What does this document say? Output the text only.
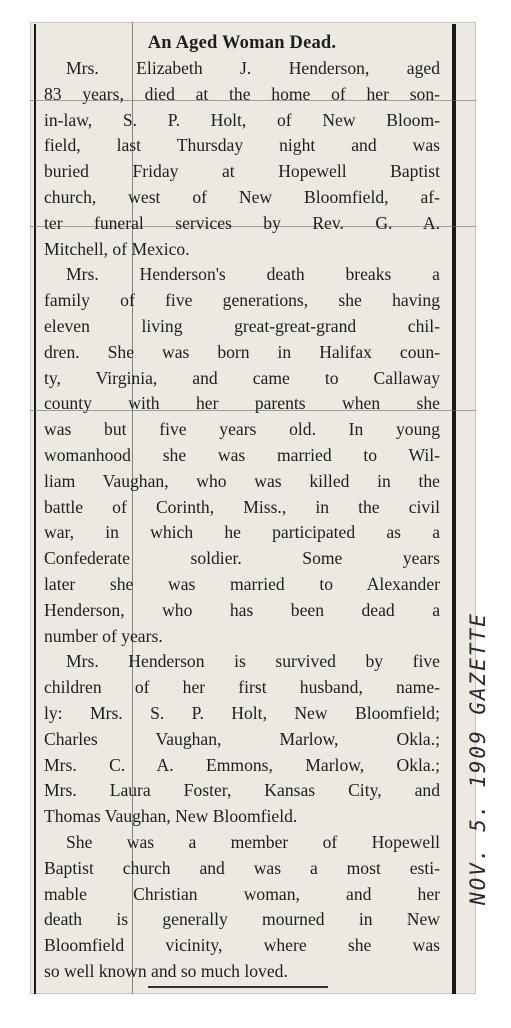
An Aged Woman Dead.

Mrs. Elizabeth J. Henderson, aged

83 years, died at the home of her son-

in-law, S. P. Holt, of New Bloom-

field, last Thursday night and was

buried Friday at Hopewell Baptist

church, west of New Bloomfield, af-

ter funeral services by Rev. G. A.

Mitchell, of Mexico.

Mrs. Henderson's death breaks a

family of five generations, she having

eleven living great-great-grand chil-

dren. She was born in Halifax coun-

ty, Virginia, and came to Callaway

county with her parents when she

was but five years old. In young

womanhood she was married to Wil-

liam Vaughan, who was killed in the

battle of Corinth, Miss., in the civil

war, in which he participated as a

Confederate soldier. Some years

later she was married to Alexander

Henderson, who has been dead a

number of years.

Mrs. Henderson is survived by five

children of her first husband, name-

ly: Mrs. S. P. Holt, New Bloomfield;

Charles Vaughan, Marlow, Okla.;

Mrs. C. A. Emmons, Marlow, Okla.;

Mrs. Laura Foster, Kansas City, and

Thomas Vaughan, New Bloomfield.

She was a member of Hopewell

Baptist church and was a most esti-

mable Christian woman, and her

death is generally mourned in New

Bloomfield vicinity, where she was

so well known and so much loved.

NOV. 5. 1909 GAZETTE
